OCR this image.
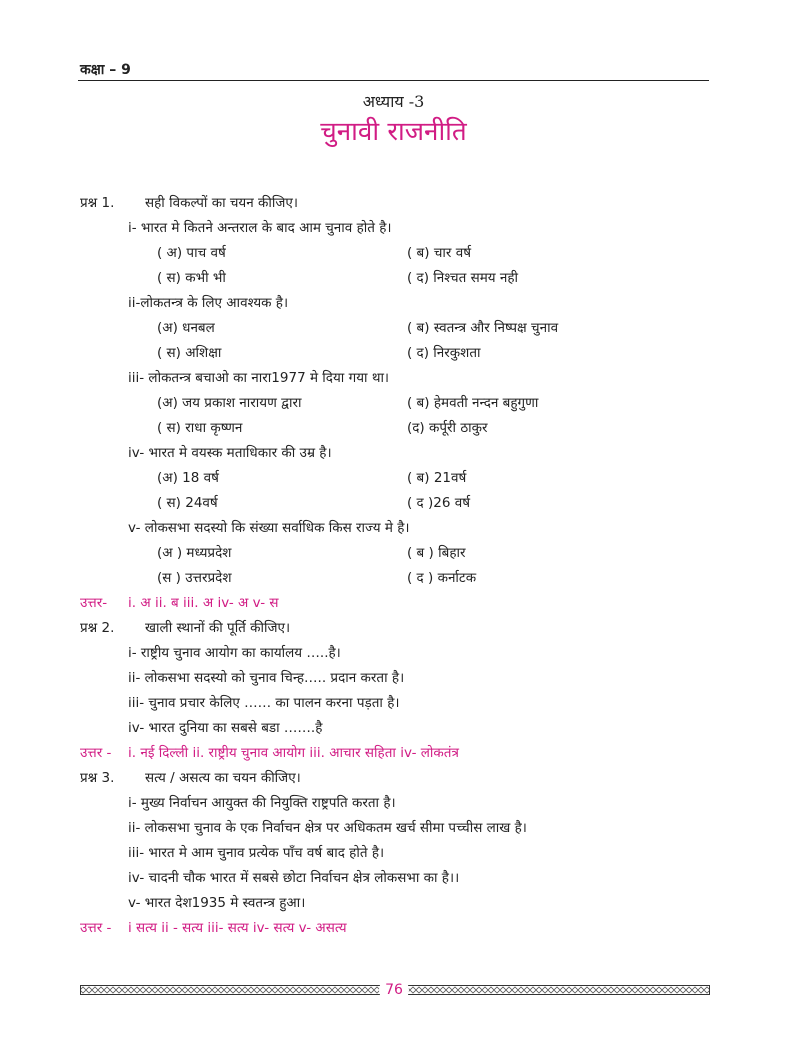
कक्षा – 9
अध्याय -3
चुनावी राजनीति
प्रश्न 1. सही विकल्पों का चयन कीजिए।
i- भारत मे कितने अन्तराल के बाद आम चुनाव होते है।
( अ) पाच वर्ष	( ब) चार वर्ष
( स) कभी भी	( द) निश्चत समय नही
ii-लोकतन्त्र के लिए आवश्यक है।
(अ) धनबल	( ब) स्वतन्त्र और निष्पक्ष चुनाव
( स) अशिक्षा	( द) निरकुशता
iii- लोकतन्त्र बचाओ का नारा1977 मे दिया गया था।
(अ) जय प्रकाश नारायण द्वारा	( ब) हेमवती नन्दन बहुगुणा
( स) राधा कृष्णन	(द) कर्पूरी ठाकुर
iv- भारत मे वयस्क मताधिकार की उम्र है।
(अ) 18 वर्ष	( ब) 21वर्ष
( स) 24वर्ष	( द )26 वर्ष
v- लोकसभा सदस्यो कि संख्या सर्वाधिक किस राज्य मे है।
(अ ) मध्यप्रदेश	( ब ) बिहार
(स ) उत्तरप्रदेश	( द ) कर्नाटक
उत्तर- i. अ ii. ब iii. अ iv- अ v- स
प्रश्न 2. खाली स्थानों की पूर्ति कीजिए।
i- राष्ट्रीय चुनाव आयोग का कार्यालय …..है।
ii- लोकसभा सदस्यो को चुनाव चिन्ह….. प्रदान करता है।
iii- चुनाव प्रचार केलिए …… का पालन करना पड़ता है।
iv- भारत दुनिया का सबसे बडा …….है
उत्तर - i. नई दिल्ली ii. राष्ट्रीय चुनाव आयोग iii. आचार सहिता iv- लोकतंत्र
प्रश्न 3. सत्य / असत्य का चयन कीजिए।
i- मुख्य निर्वाचन आयुक्त की नियुक्ति राष्ट्रपति करता है।
ii- लोकसभा चुनाव के एक निर्वाचन क्षेत्र पर अधिकतम खर्च सीमा पच्चीस लाख है।
iii- भारत मे आम चुनाव प्रत्येक पाँच वर्ष बाद होते है।
iv- चादनी चौक भारत में सबसे छोटा निर्वाचन क्षेत्र लोकसभा का है।।
v- भारत देश1935 मे स्वतन्त्र हुआ।
उत्तर - i सत्य ii - सत्य iii- सत्य iv- सत्य v- असत्य
76
